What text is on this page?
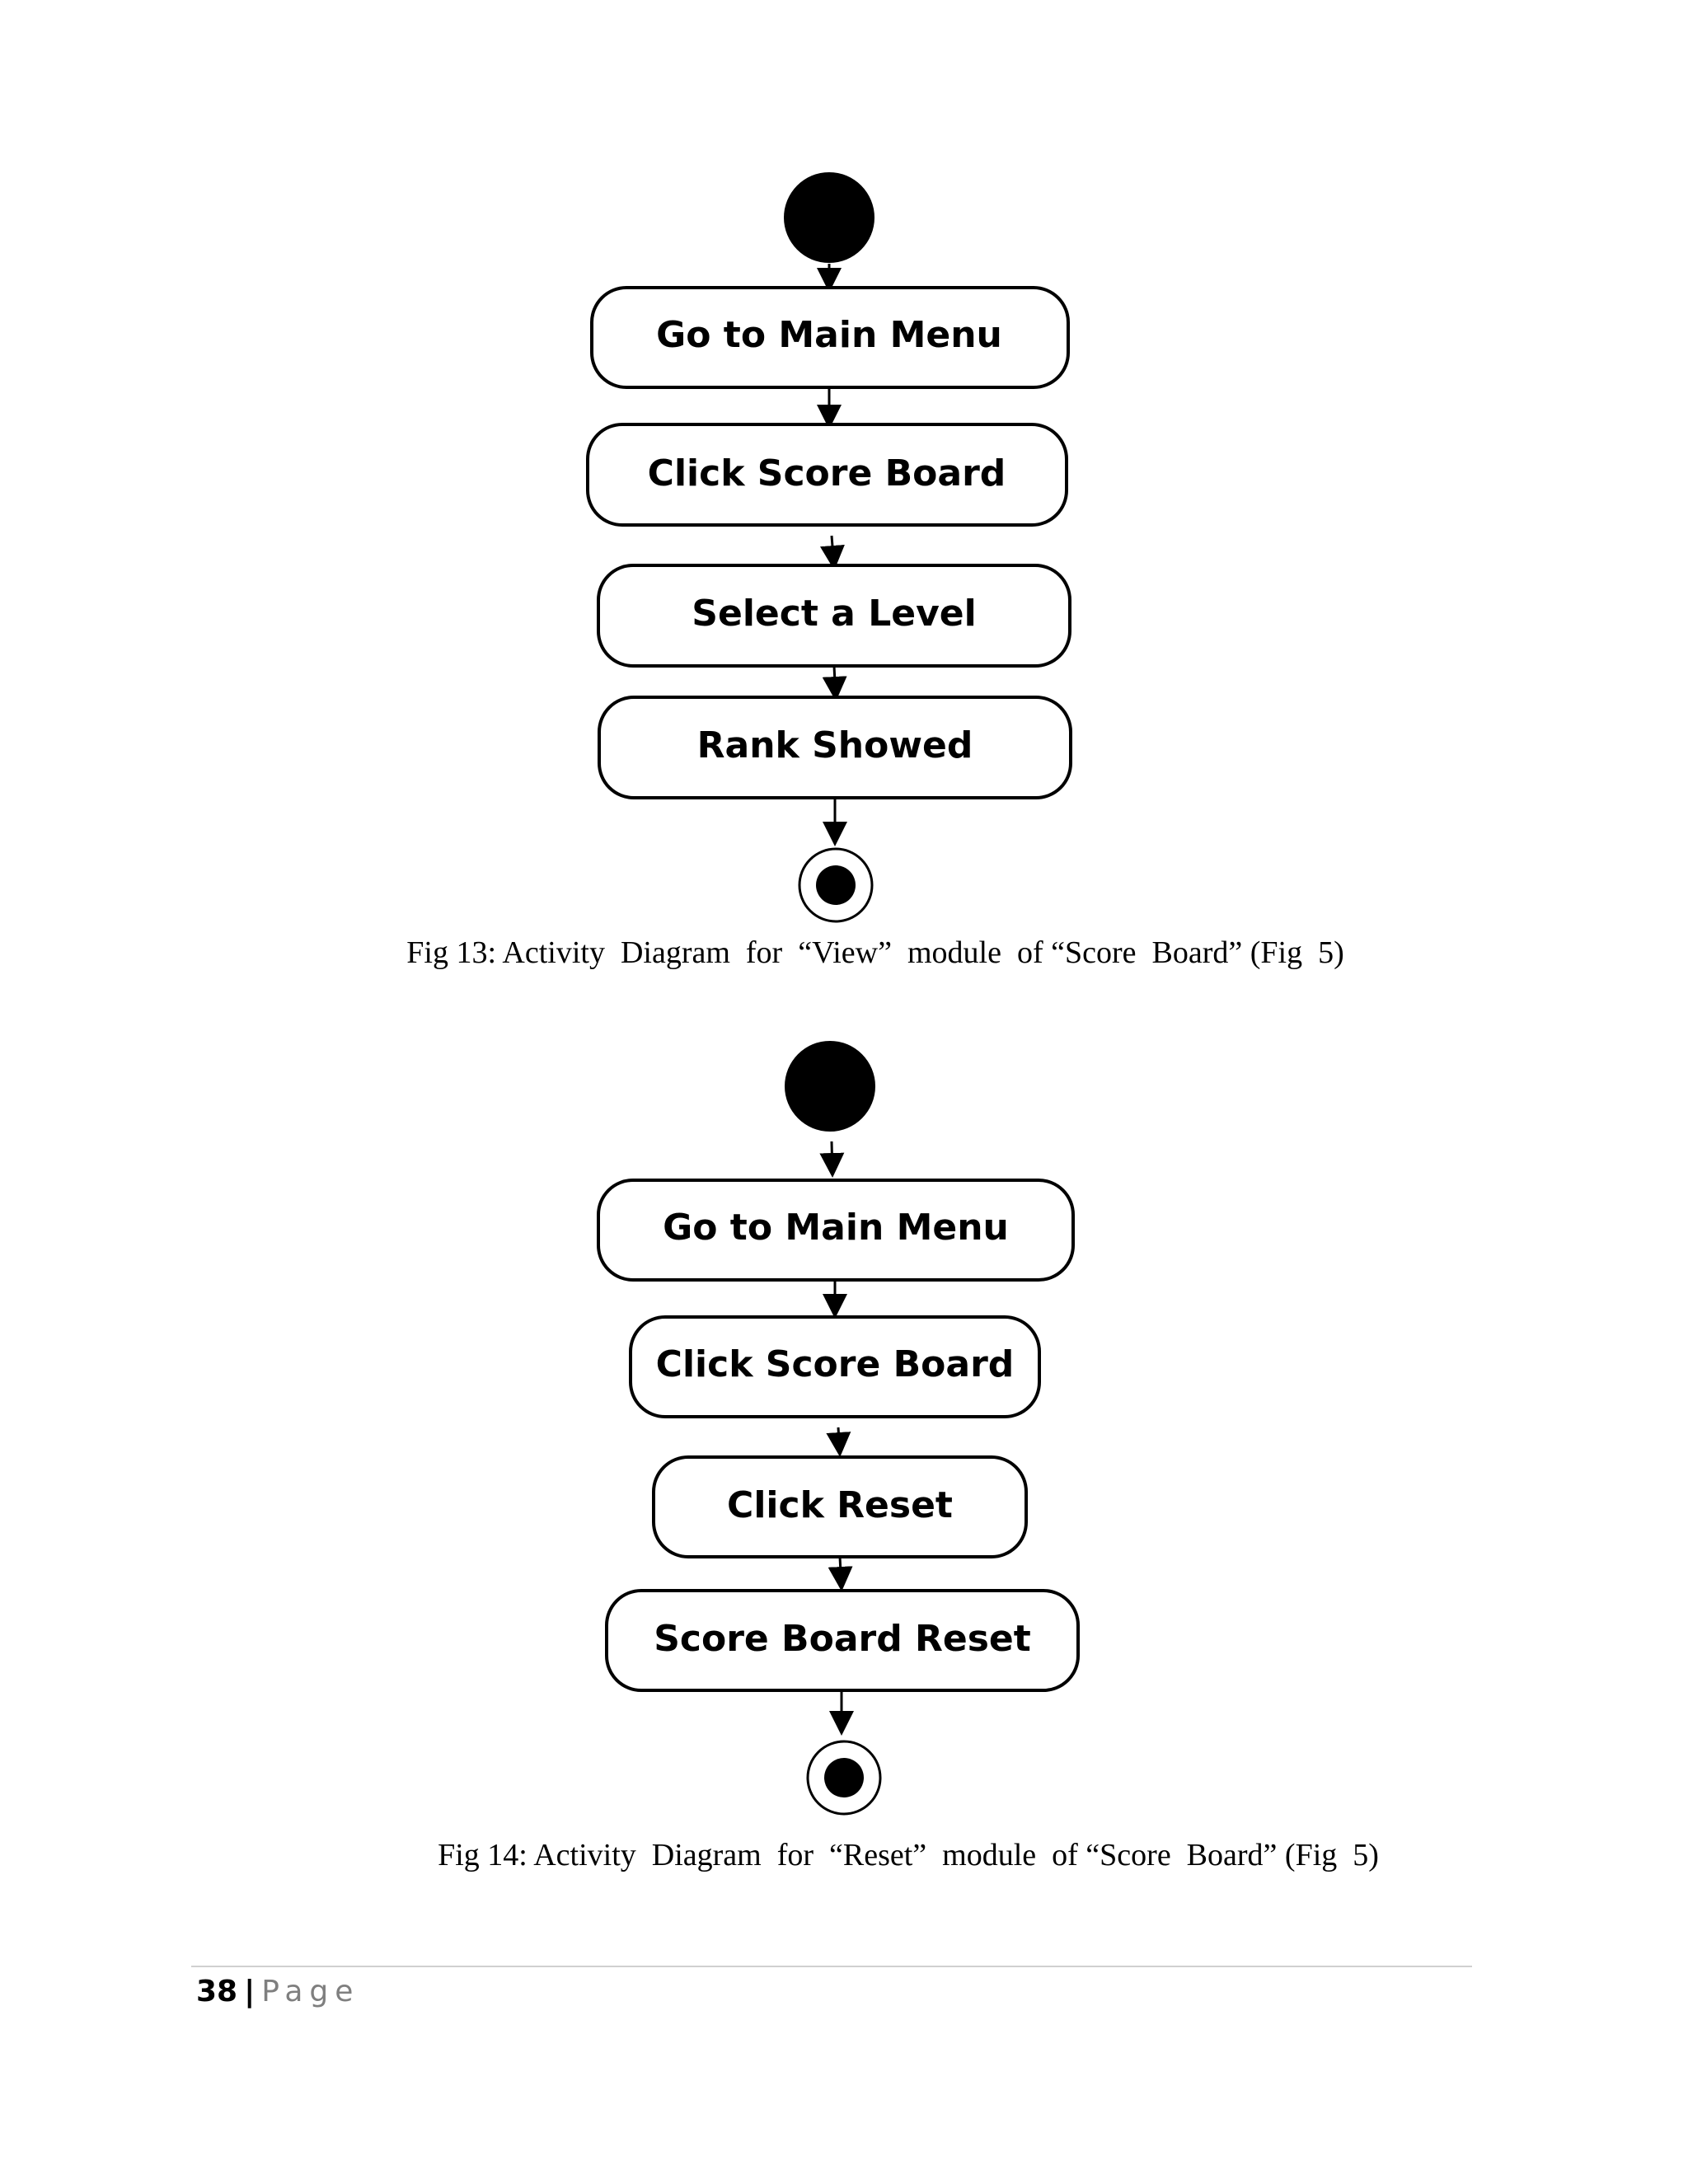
Go to Main Menu
Click Score Board
Select a Level
Rank Showed
Fig 13: Activity  Diagram  for  “View”  module  of “Score  Board” (Fig  5)
Go to Main Menu
Click Score Board
Click Reset
Score Board Reset
Fig 14: Activity  Diagram  for  “Reset”  module  of “Score  Board” (Fig  5)
38 | Page
